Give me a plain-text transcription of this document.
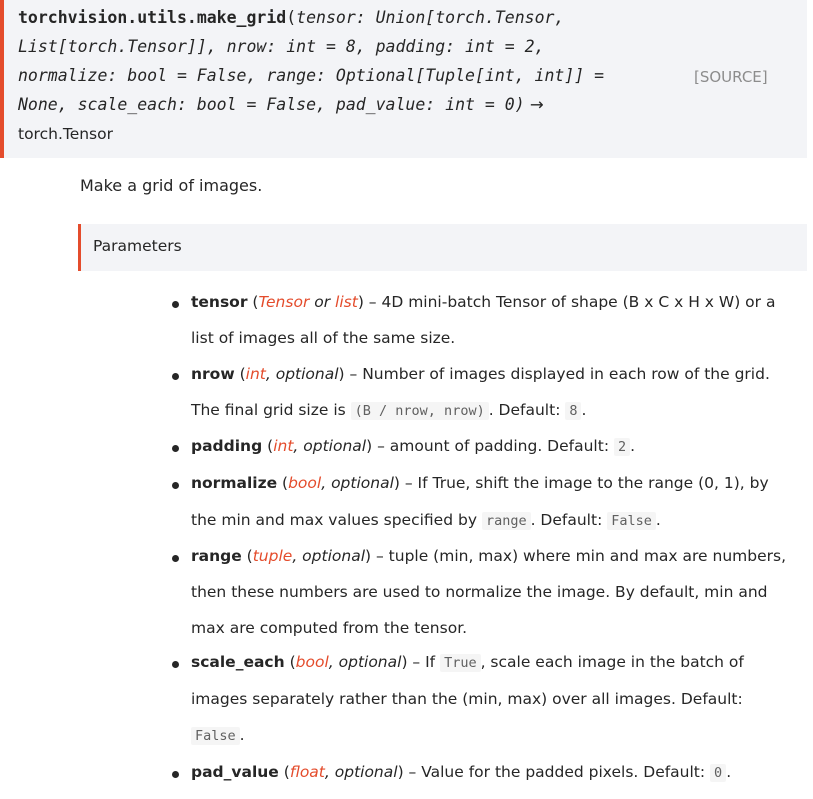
torchvision.utils.make_grid(tensor: Union[torch.Tensor,
List[torch.Tensor]], nrow: int = 8, padding: int = 2,
normalize: bool = False, range: Optional[Tuple[int, int]] =
None, scale_each: bool = False, pad_value: int = 0) →
torch.Tensor
[SOURCE]
Make a grid of images.
Parameters
tensor (Tensor or list) – 4D mini-batch Tensor of shape (B x C x H x W) or a
list of images all of the same size.
nrow (int, optional) – Number of images displayed in each row of the grid.
The final grid size is (B / nrow, nrow) . Default: 8 .
padding (int, optional) – amount of padding. Default: 2 .
normalize (bool, optional) – If True, shift the image to the range (0, 1), by
the min and max values specified by range . Default: False .
range (tuple, optional) – tuple (min, max) where min and max are numbers,
then these numbers are used to normalize the image. By default, min and
max are computed from the tensor.
scale_each (bool, optional) – If True , scale each image in the batch of
images separately rather than the (min, max) over all images. Default:
False .
pad_value (float, optional) – Value for the padded pixels. Default: 0 .
